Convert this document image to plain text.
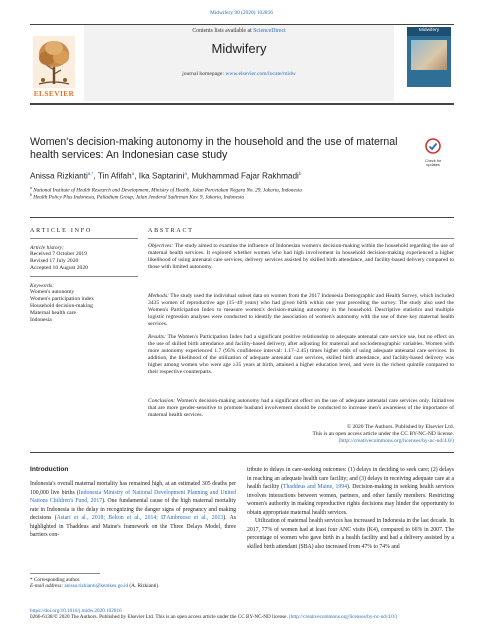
Midwifery 90 (2020) 102816
Contents lists available at ScienceDirect
Midwifery
journal homepage: www.elsevier.com/locate/midw
ELSEVIER
Midwifery
Women's decision-making autonomy in the household and the use of maternal health services: An Indonesian case study	Check for
updates
Anissa Rizkianti$^{a,*}$, Tin Afifah$^a$, Ika Saptarini$^a$, Mukhammad Fajar Rakhmadi$^b$
$^a$ National Institute of Health Research and Development, Ministry of Health, Jalan Percetakan Negara No. 29, Jakarta, Indonesia
$^b$ Health Policy Plus Indonesia, Palladium Group, Jalan Jenderal Sudirman Kav. 9, Jakarta, Indonesia
ARTICLE INFO
Article history:
Received 7 October 2019
Revised 17 July 2020
Accepted 10 August 2020
Keywords:
Women's autonomy
Women's participation index
Household decision-making
Maternal health care
Indonesia
ABSTRACT
Objectives: The study aimed to examine the influence of Indonesian women's decision-making within the household regarding the use of maternal health services. It explored whether women who had high involvement in household decision-making experienced a higher likelihood of using antenatal care services, delivery services assisted by skilled birth attendance, and facility-based delivery compared to those with limited autonomy.
Methods: The study used the individual subset data on women from the 2017 Indonesia Demographic and Health Survey, which included 3435 women of reproductive age (15–49 years) who had given birth within one year preceding the survey. The study also used the Women's Participation Index to measure women's decision-making autonomy in the household. Descriptive statistics and multiple logistic regression analyses were conducted to identify the association of women's autonomy with the use of three key maternal health services.
Results: The Women's Participation Index had a significant positive relationship to adequate antenatal care service use, but no effect on the use of skilled birth attendance and facility-based delivery, after adjusting for maternal and sociodemographic variables. Women with more autonomy experienced 1.7 (95% confidence interval: 1.17–2.45) times higher odds of using adequate antenatal care services. In addition, the likelihood of the utilization of adequate antenatal care services, skilled birth attendance, and facility-based delivery was higher among women who were age ≥35 years at birth, attained a higher education level, and were in the richest quintile compared to their respective counterparts.
Conclusion: Women's decision-making autonomy had a significant effect on the use of adequate antenatal care services only. Initiatives that are more gender-sensitive to promote husband involvement should be conducted to increase men's awareness of the importance of maternal health services.
© 2020 The Authors. Published by Elsevier Ltd.
This is an open access article under the CC BY-NC-ND license.
(http://creativecommons.org/licenses/by-nc-nd/4.0/)
Introduction
Indonesia's overall maternal mortality has remained high, at an estimated 305 deaths per 100,000 live births (Indonesia Ministry of National Development Planning and United Nations Children's Fund, 2017). One fundamental cause of the high maternal mortality rate in Indonesia is the delay in recognizing the danger signs of pregnancy and making decisions (Astari et al., 2018; Belton et al., 2014; D'Ambruoso et al., 2013). As highlighted in Thaddeus and Maine's framework on the Three Delays Model, three barriers con-
tribute to delays in care-seeking outcomes: (1) delays in deciding to seek care; (2) delays in reaching an adequate health care facility; and (3) delays in receiving adequate care at a health facility (Thaddeus and Maine, 1994). Decision-making in seeking health services involves interactions between women, partners, and other family members. Restricting women's authority in making reproductive rights decisions may hinder the opportunity to obtain appropriate maternal health services.
Utilization of maternal health services has increased in Indonesia in the last decade. In 2017, 77% of women had at least four ANC visits (K4), compared to 66% in 2007. The percentage of women who gave birth in a health facility and had a delivery assisted by a skilled birth attendant (SBA) also increased from 47% to 74% and
* Corresponding author.
E-mail address: anissa.rizkianti@kemkes.go.id (A. Rizkianti).
https://doi.org/10.1016/j.midw.2020.102816
0266-6138/© 2020 The Authors. Published by Elsevier Ltd. This is an open access article under the CC BY-NC-ND license. (http://creativecommons.org/licenses/by-nc-nd/4.0/)
